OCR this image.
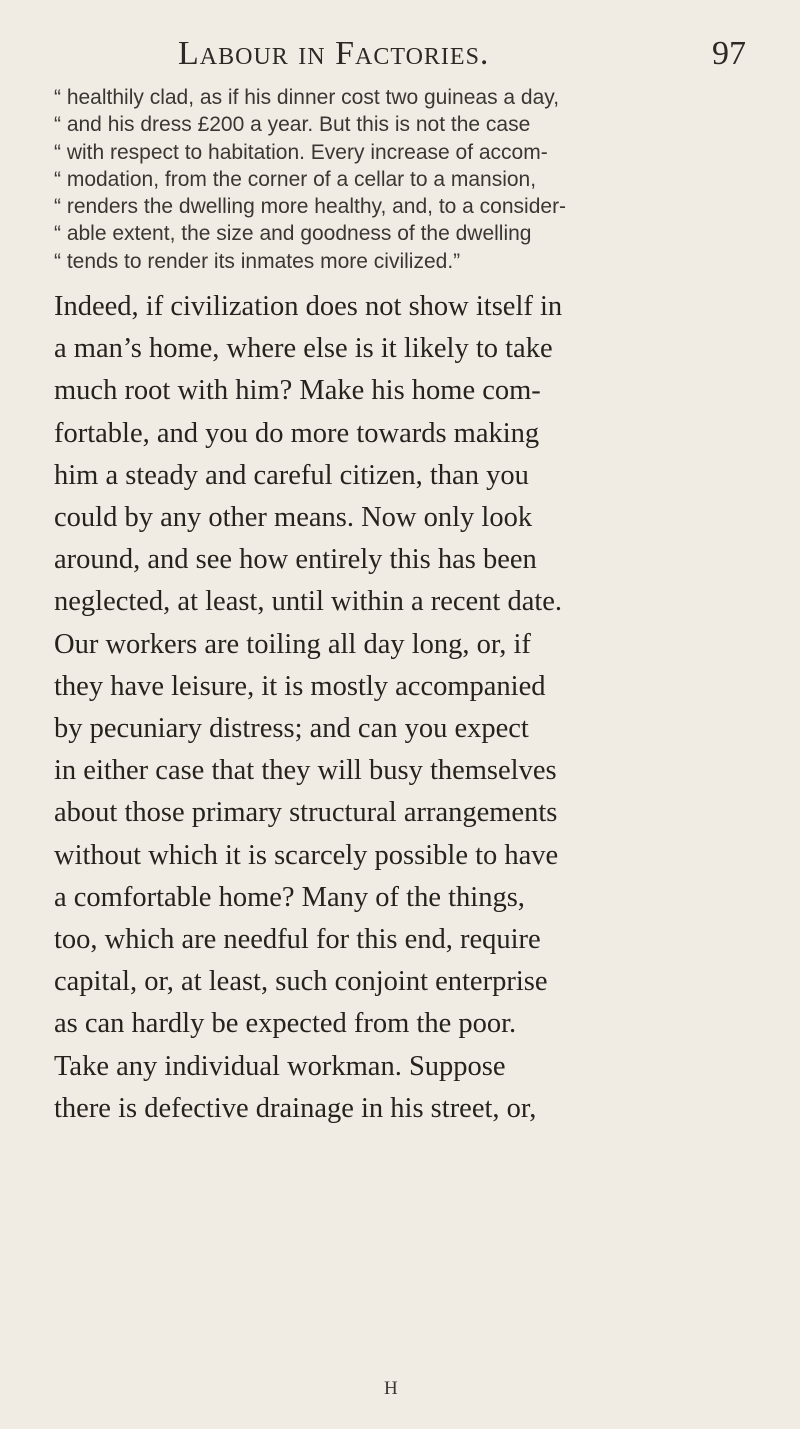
Labour in Factories.	97
“ healthily clad, as if his dinner cost two guineas a day,
“ and his dress £200 a year. But this is not the case
“ with respect to habitation. Every increase of accom-
“ modation, from the corner of a cellar to a mansion,
“ renders the dwelling more healthy, and, to a consider-
“ able extent, the size and goodness of the dwelling
“ tends to render its inmates more civilized.”
Indeed, if civilization does not show itself in
a man’s home, where else is it likely to take
much root with him? Make his home com-
fortable, and you do more towards making
him a steady and careful citizen, than you
could by any other means. Now only look
around, and see how entirely this has been
neglected, at least, until within a recent date.
Our workers are toiling all day long, or, if
they have leisure, it is mostly accompanied
by pecuniary distress; and can you expect
in either case that they will busy themselves
about those primary structural arrangements
without which it is scarcely possible to have
a comfortable home? Many of the things,
too, which are needful for this end, require
capital, or, at least, such conjoint enterprise
as can hardly be expected from the poor.
Take any individual workman. Suppose
there is defective drainage in his street, or,
H
